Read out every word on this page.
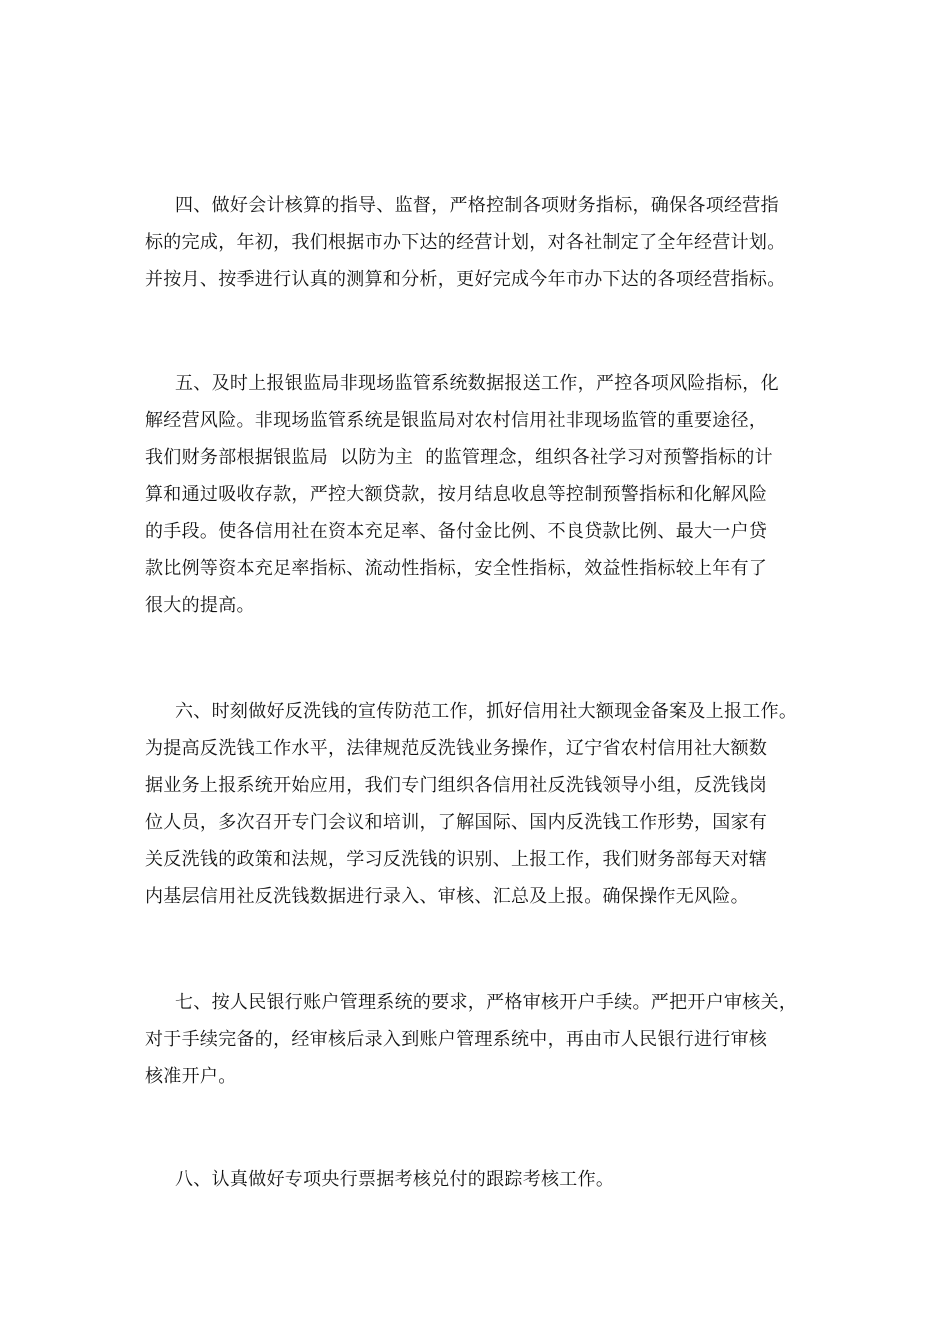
四、做好会计核算的指导、监督，严格控制各项财务指标，确保各项经营指
标的完成，年初，我们根据市办下达的经营计划，对各社制定了全年经营计划。
并按月、按季进行认真的测算和分析，更好完成今年市办下达的各项经营指标。
五、及时上报银监局非现场监管系统数据报送工作，严控各项风险指标，化
解经营风险。非现场监管系统是银监局对农村信用社非现场监管的重要途径，
我们财务部根据银监局  以防为主  的监管理念，组织各社学习对预警指标的计
算和通过吸收存款，严控大额贷款，按月结息收息等控制预警指标和化解风险
的手段。使各信用社在资本充足率、备付金比例、不良贷款比例、最大一户贷
款比例等资本充足率指标、流动性指标，安全性指标，效益性指标较上年有了
很大的提高。
六、时刻做好反洗钱的宣传防范工作，抓好信用社大额现金备案及上报工作。
为提高反洗钱工作水平，法律规范反洗钱业务操作，辽宁省农村信用社大额数
据业务上报系统开始应用，我们专门组织各信用社反洗钱领导小组，反洗钱岗
位人员，多次召开专门会议和培训，了解国际、国内反洗钱工作形势，国家有
关反洗钱的政策和法规，学习反洗钱的识别、上报工作，我们财务部每天对辖
内基层信用社反洗钱数据进行录入、审核、汇总及上报。确保操作无风险。
七、按人民银行账户管理系统的要求，严格审核开户手续。严把开户审核关，
对于手续完备的，经审核后录入到账户管理系统中，再由市人民银行进行审核
核准开户。
八、认真做好专项央行票据考核兑付的跟踪考核工作。
